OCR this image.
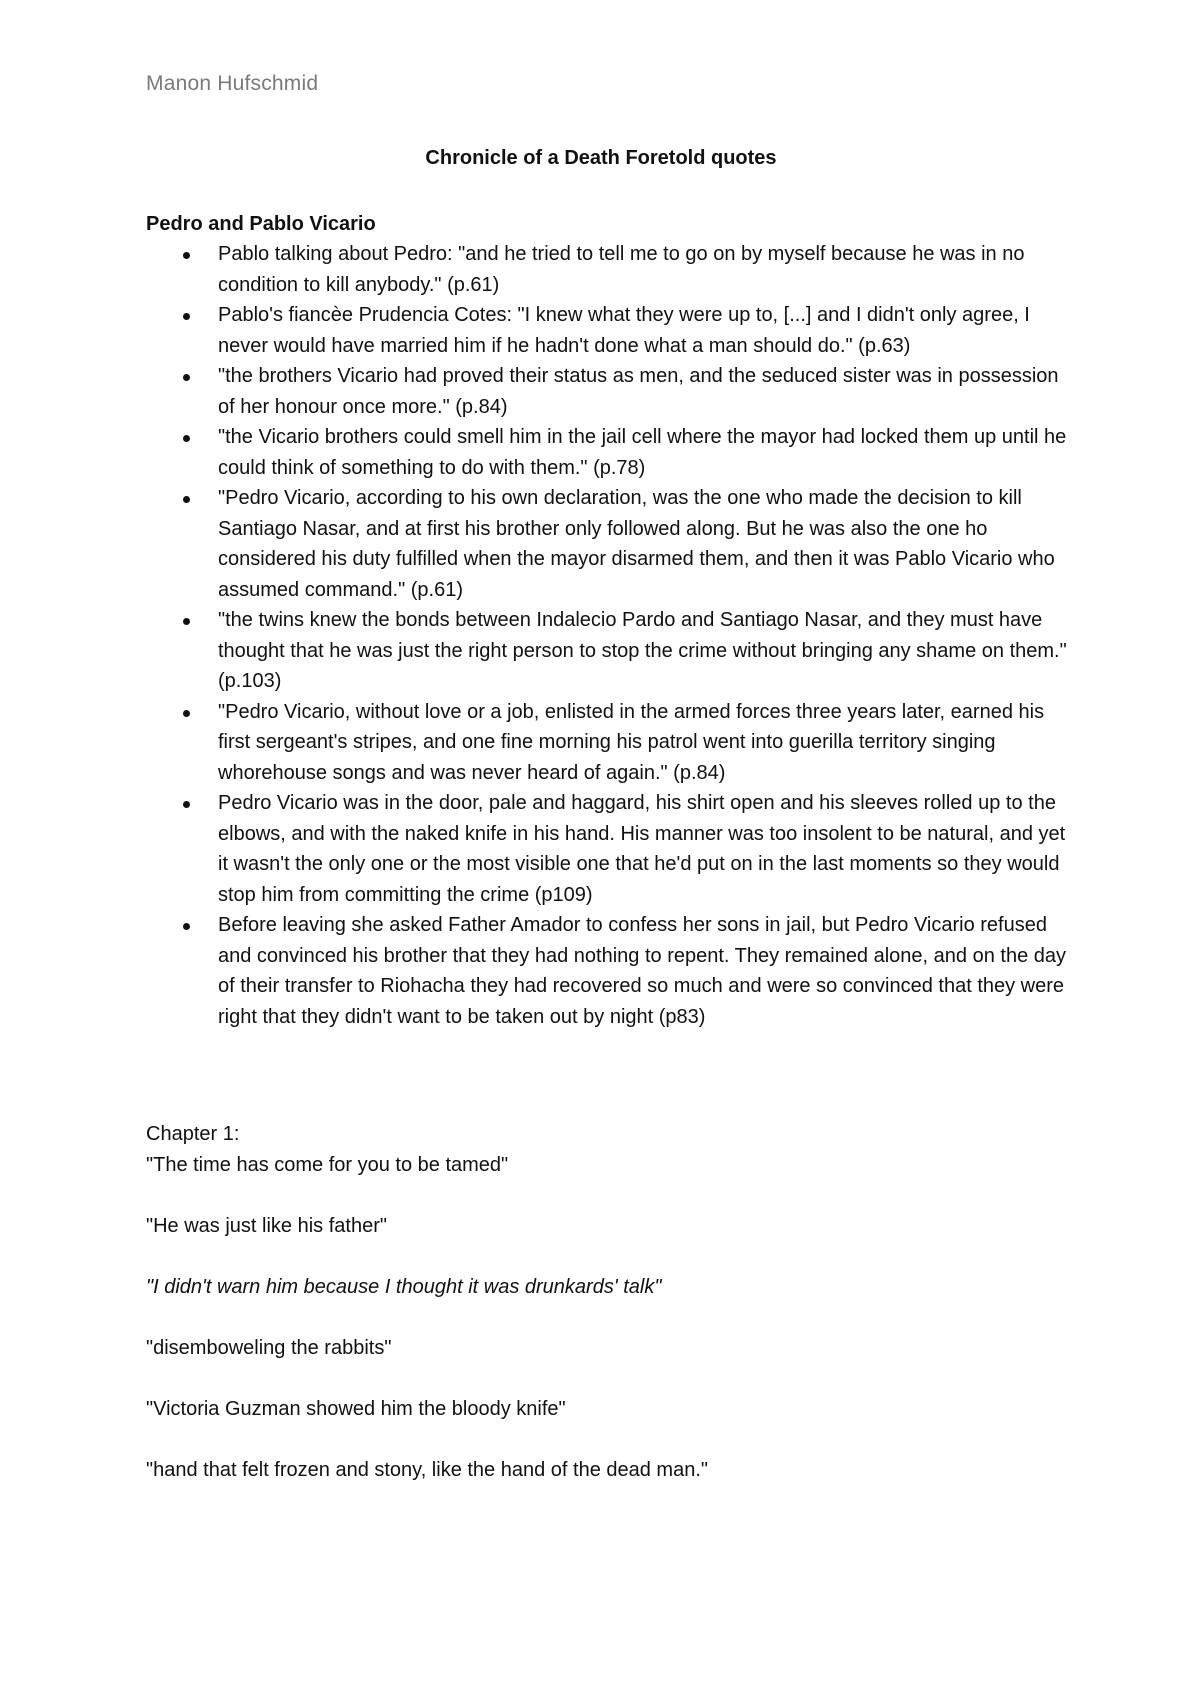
Manon Hufschmid
Chronicle of a Death Foretold quotes

Pedro and Pablo Vicario

Pablo talking about Pedro: "and he tried to tell me to go on by myself because he was in no condition to kill anybody." (p.61)
Pablo's fiancèe Prudencia Cotes: "I knew what they were up to, [...] and I didn't only agree, I never would have married him if he hadn't done what a man should do." (p.63)
"the brothers Vicario had proved their status as men, and the seduced sister was in possession of her honour once more." (p.84)
"the Vicario brothers could smell him in the jail cell where the mayor had locked them up until he could think of something to do with them." (p.78)
"Pedro Vicario, according to his own declaration, was the one who made the decision to kill Santiago Nasar, and at first his brother only followed along. But he was also the one ho considered his duty fulfilled when the mayor disarmed them, and then it was Pablo Vicario who assumed command." (p.61)
"the twins knew the bonds between Indalecio Pardo and Santiago Nasar, and they must have thought that he was just the right person to stop the crime without bringing any shame on them." (p.103)
"Pedro Vicario, without love or a job, enlisted in the armed forces three years later, earned his first sergeant's stripes, and one fine morning his patrol went into guerilla territory singing whorehouse songs and was never heard of again." (p.84)
Pedro Vicario was in the door, pale and haggard, his shirt open and his sleeves rolled up to the elbows, and with the naked knife in his hand. His manner was too insolent to be natural, and yet it wasn't the only one or the most visible one that he'd put on in the last moments so they would stop him from committing the crime (p109)
Before leaving she asked Father Amador to confess her sons in jail, but Pedro Vicario refused and convinced his brother that they had nothing to repent. They remained alone, and on the day of their transfer to Riohacha they had recovered so much and were so convinced that they were right that they didn't want to be taken out by night (p83)

Chapter 1:

"The time has come for you to be tamed"

"He was just like his father"

"I didn't warn him because I thought it was drunkards' talk"

"disemboweling the rabbits"

"Victoria Guzman showed him the bloody knife"

"hand that felt frozen and stony, like the hand of the dead man."
